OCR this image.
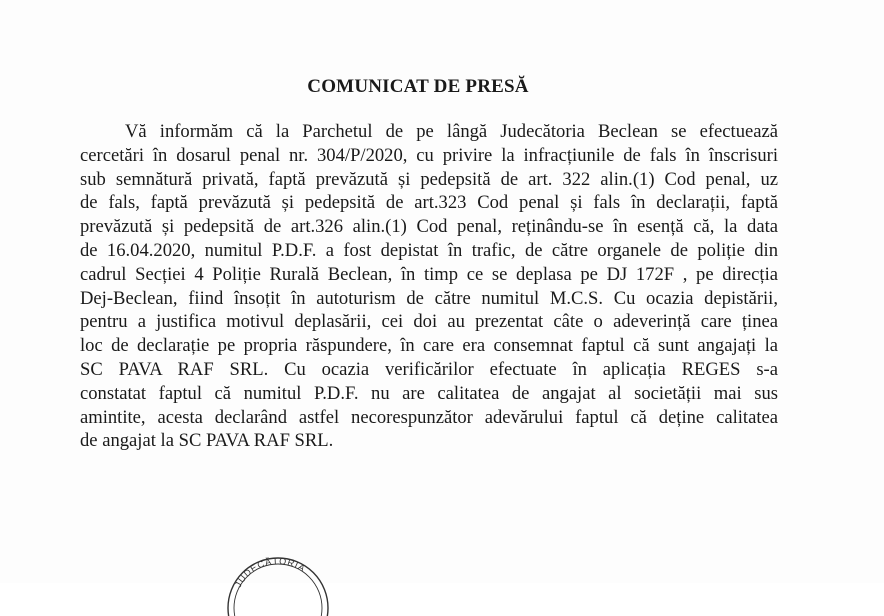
COMUNICAT DE PRESĂ
Vă informăm că la Parchetul de pe lângă Judecătoria Beclean se efectuează
cercetări în dosarul penal nr. 304/P/2020, cu privire la infracțiunile de fals în înscrisuri
sub semnătură privată, faptă prevăzută și pedepsită de art. 322 alin.(1) Cod penal, uz
de fals, faptă prevăzută și pedepsită de art.323 Cod penal și fals în declarații, faptă
prevăzută și pedepsită de art.326 alin.(1) Cod penal, reținându-se în esență că, la data
de 16.04.2020, numitul P.D.F. a fost depistat în trafic, de către organele de poliție din
cadrul Secției 4 Poliție Rurală Beclean, în timp ce se deplasa pe DJ 172F , pe direcția
Dej-Beclean, fiind însoțit în autoturism de către numitul M.C.S. Cu ocazia depistării,
pentru a justifica motivul deplasării, cei doi au prezentat câte o adeverință care ținea
loc de declarație pe propria răspundere, în care era consemnat faptul că sunt angajați la
SC PAVA RAF SRL. Cu ocazia verificărilor efectuate în aplicația REGES s-a
constatat faptul că numitul P.D.F. nu are calitatea de angajat al societății mai sus
amintite, acesta declarând astfel necorespunzător adevărului faptul că deține calitatea
de angajat la SC PAVA RAF SRL.
JUDECĂTORIA
